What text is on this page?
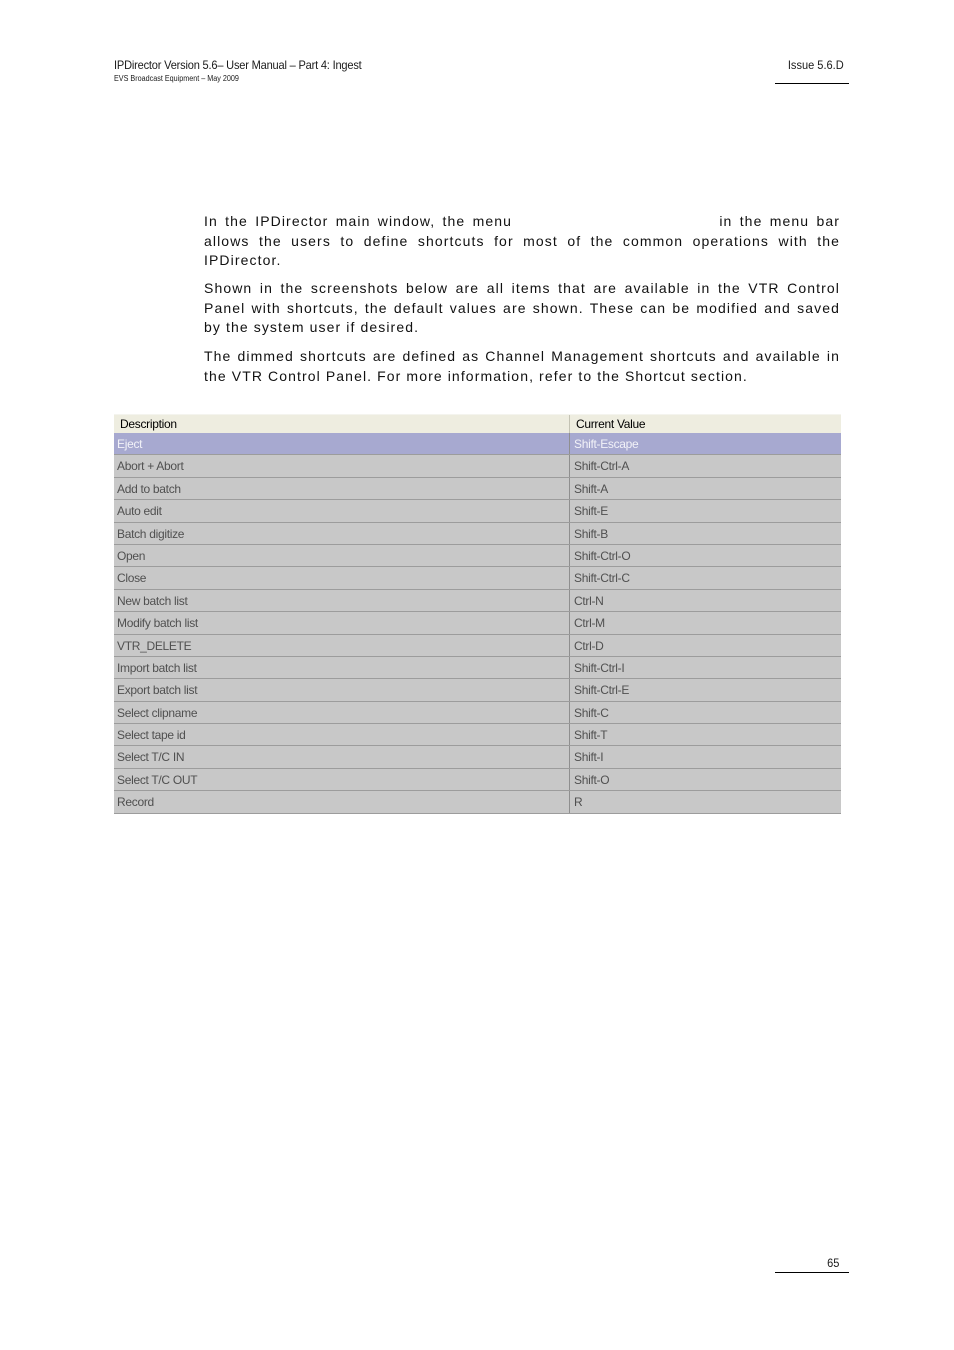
IPDirector Version 5.6– User Manual – Part 4: Ingest
EVS Broadcast Equipment – May 2009
Issue 5.6.D

In the IPDirector main window, the menu	in the menu bar allows the users to define shortcuts for most of the common operations with the IPDirector.

Shown in the screenshots below are all items that are available in the VTR Control Panel with shortcuts, the default values are shown. These can be modified and saved by the system user if desired.

The dimmed shortcuts are defined as Channel Management shortcuts and available in the VTR Control Panel. For more information, refer to the Shortcut section.

Description	Current Value
Eject	Shift-Escape
Abort + Abort	Shift-Ctrl-A
Add to batch	Shift-A
Auto edit	Shift-E
Batch digitize	Shift-B
Open	Shift-Ctrl-O
Close	Shift-Ctrl-C
New batch list	Ctrl-N
Modify batch list	Ctrl-M
VTR_DELETE	Ctrl-D
Import batch list	Shift-Ctrl-I
Export batch list	Shift-Ctrl-E
Select clipname	Shift-C
Select tape id	Shift-T
Select T/C IN	Shift-I
Select T/C OUT	Shift-O
Record	R
65
